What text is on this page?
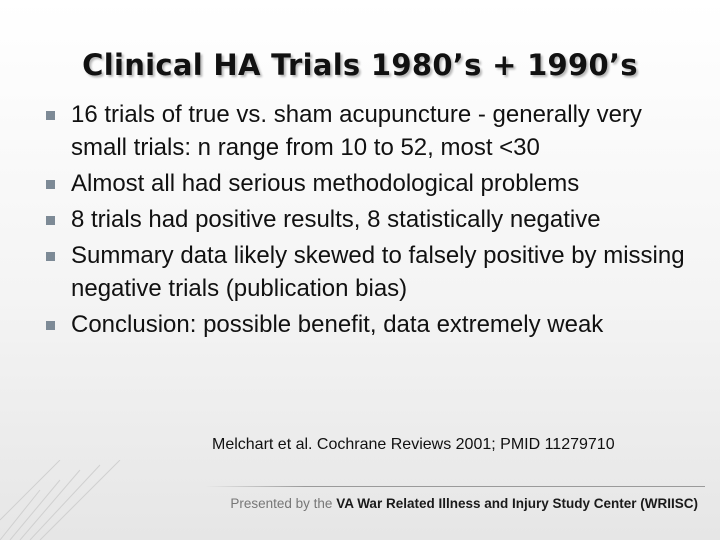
Clinical HA Trials 1980’s + 1990’s
16 trials of true vs. sham acupuncture - generally very small trials: n range from 10 to 52, most <30
Almost all had serious methodological problems
8 trials had positive results, 8 statistically negative
Summary data likely skewed to falsely positive by missing negative trials (publication bias)
Conclusion: possible benefit, data extremely weak
Melchart et al. Cochrane Reviews 2001; PMID 11279710
Presented by the VA War Related Illness and Injury Study Center (WRIISC)
